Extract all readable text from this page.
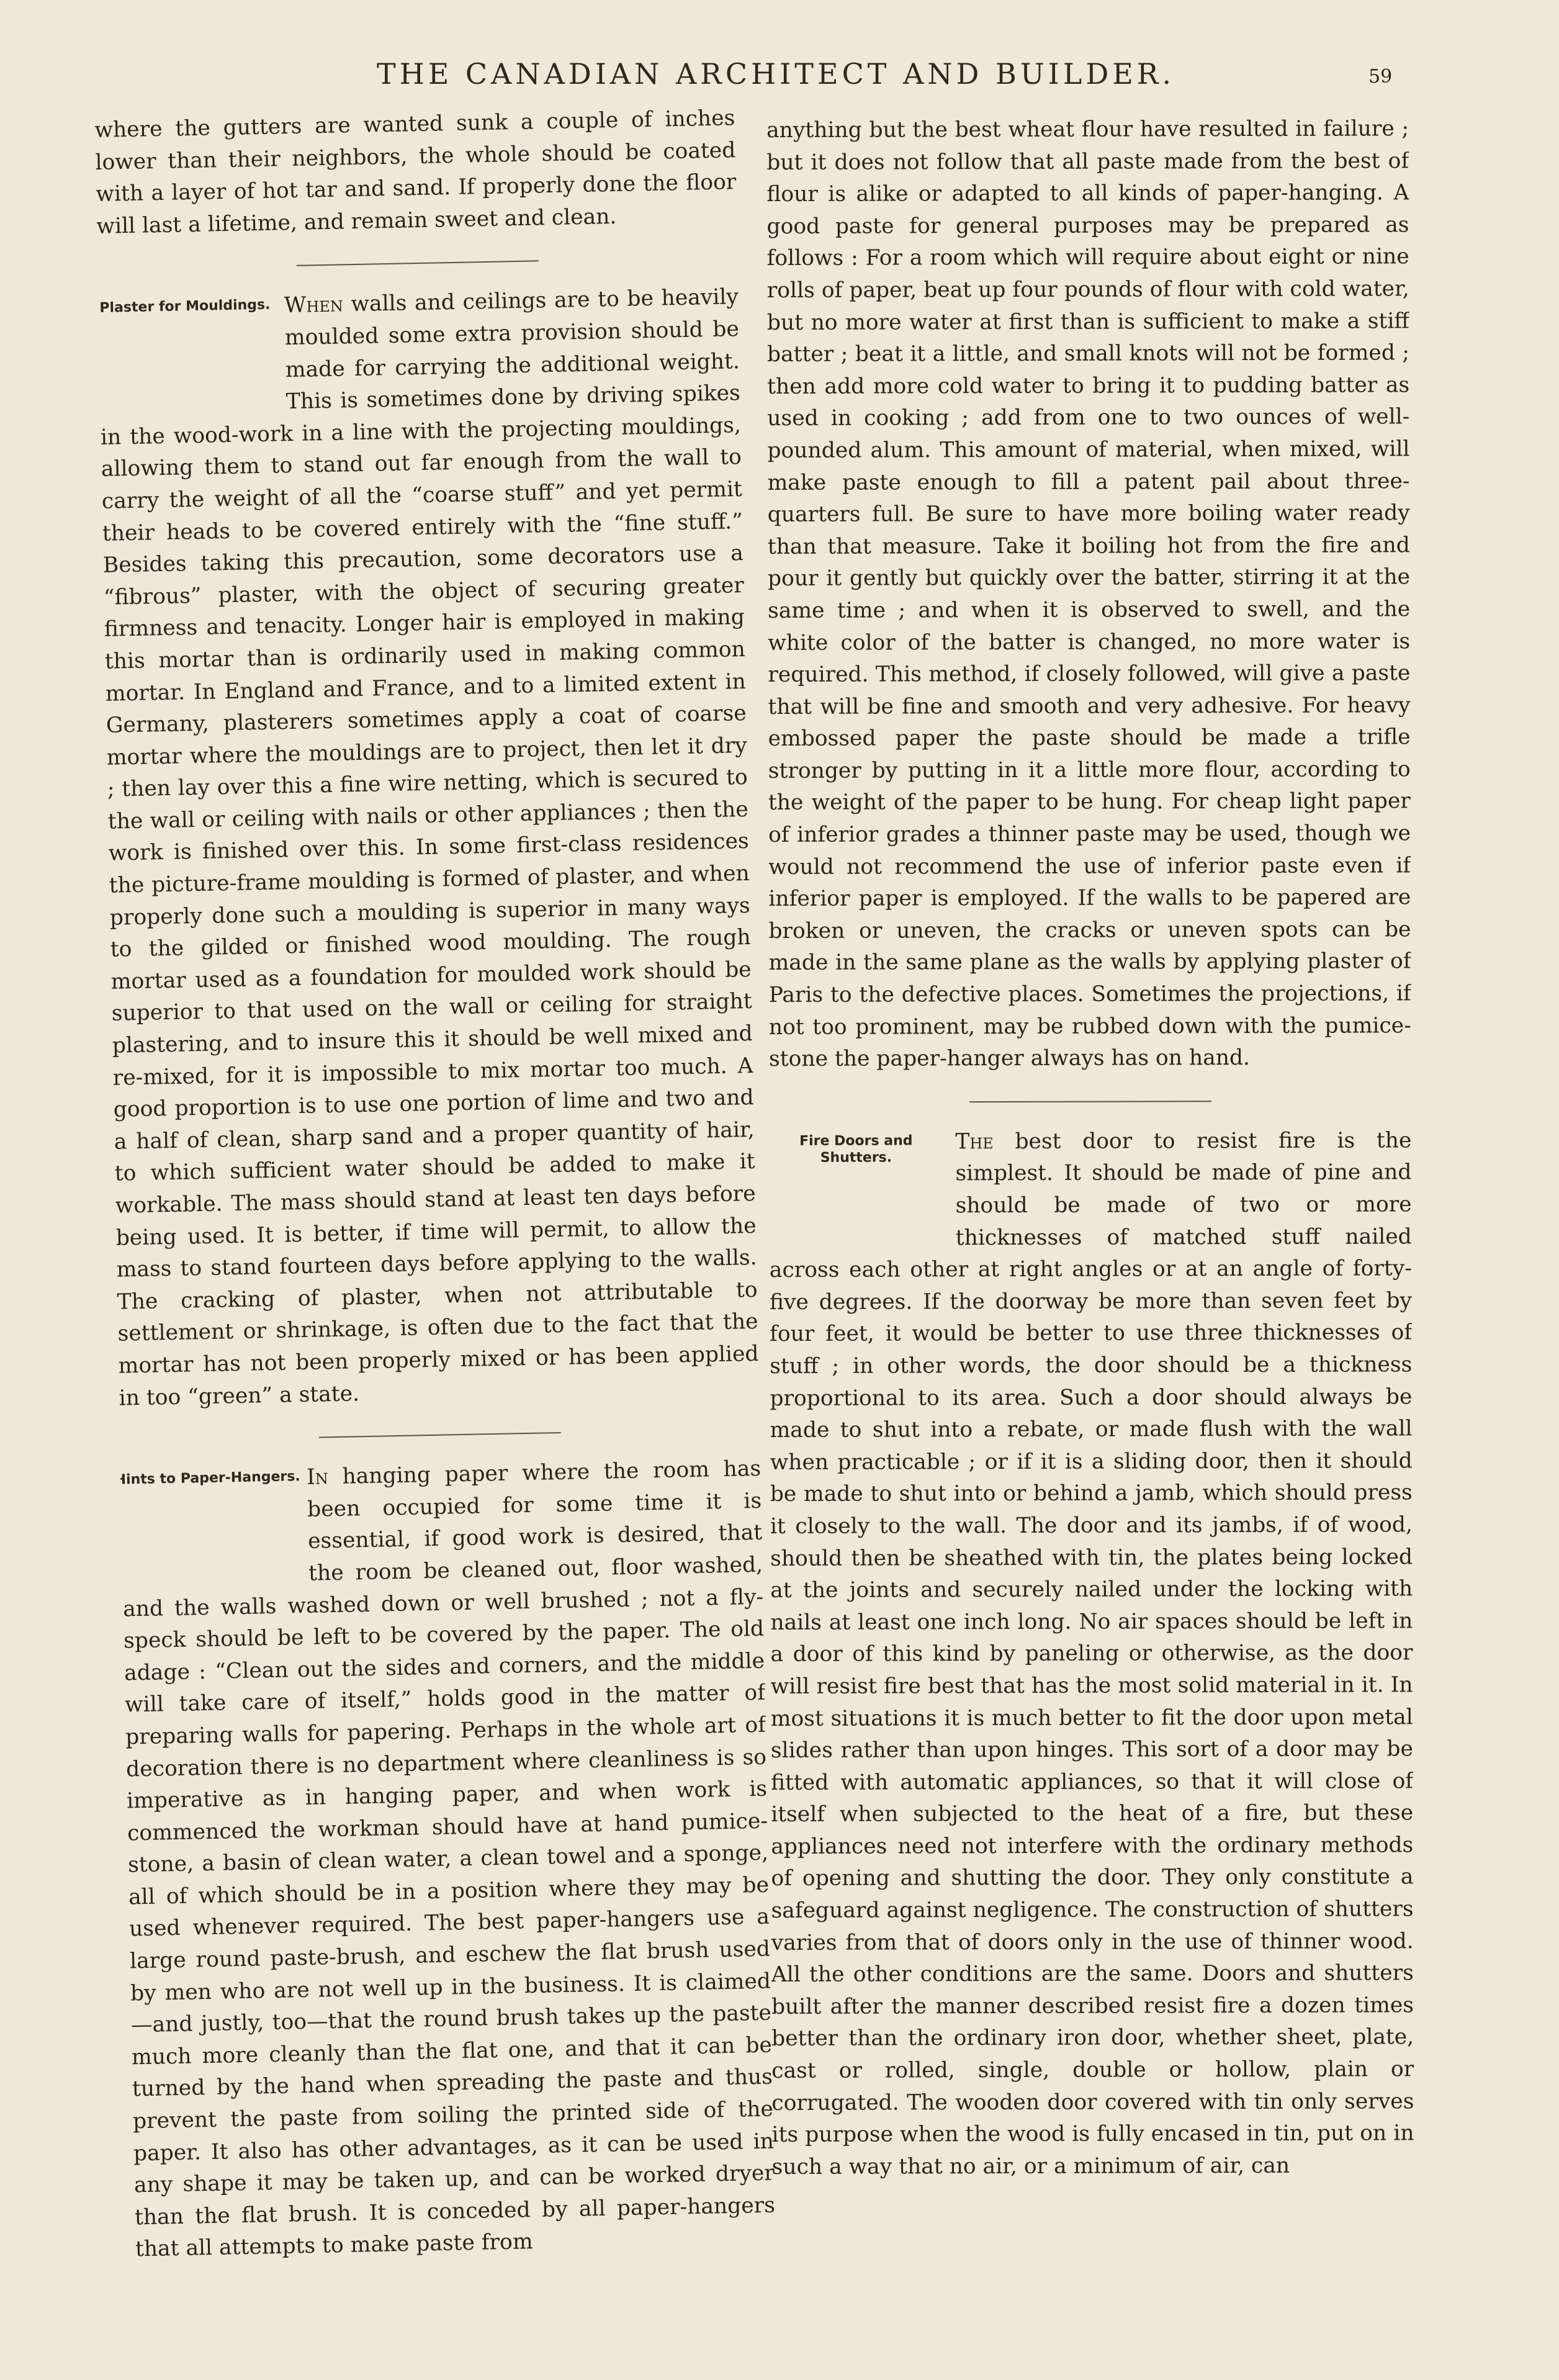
THE CANADIAN ARCHITECT AND BUILDER.	59

where the gutters are wanted sunk a couple of inches lower than their neighbors, the whole should be coated with a layer of hot tar and sand. If properly done the floor will last a lifetime, and remain sweet and clean.

Plaster for Mouldings. When walls and ceilings are to be heavily moulded some extra provision should be made for carrying the additional weight. This is sometimes done by driving spikes in the wood-work in a line with the projecting mouldings, allowing them to stand out far enough from the wall to carry the weight of all the “coarse stuff” and yet permit their heads to be covered entirely with the “fine stuff.” Besides taking this precaution, some decorators use a “fibrous” plaster, with the object of securing greater firmness and tenacity. Longer hair is employed in making this mortar than is ordinarily used in making common mortar. In England and France, and to a limited extent in Germany, plasterers sometimes apply a coat of coarse mortar where the mouldings are to project, then let it dry ; then lay over this a fine wire netting, which is secured to the wall or ceiling with nails or other appliances ; then the work is finished over this. In some first-class residences the picture-frame moulding is formed of plaster, and when properly done such a moulding is superior in many ways to the gilded or finished wood moulding. The rough mortar used as a foundation for moulded work should be superior to that used on the wall or ceiling for straight plastering, and to insure this it should be well mixed and re-mixed, for it is impossible to mix mortar too much. A good proportion is to use one portion of lime and two and a half of clean, sharp sand and a proper quantity of hair, to which sufficient water should be added to make it workable. The mass should stand at least ten days before being used. It is better, if time will permit, to allow the mass to stand fourteen days before applying to the walls. The cracking of plaster, when not attributable to settlement or shrinkage, is often due to the fact that the mortar has not been properly mixed or has been applied in too “green” a state.

Hints to Paper-Hangers. In hanging paper where the room has been occupied for some time it is essential, if good work is desired, that the room be cleaned out, floor washed, and the walls washed down or well brushed ; not a fly-speck should be left to be covered by the paper. The old adage : “Clean out the sides and corners, and the middle will take care of itself,” holds good in the matter of preparing walls for papering. Perhaps in the whole art of decoration there is no department where cleanliness is so imperative as in hanging paper, and when work is commenced the workman should have at hand pumice-stone, a basin of clean water, a clean towel and a sponge, all of which should be in a position where they may be used whenever required. The best paper-hangers use a large round paste-brush, and eschew the flat brush used by men who are not well up in the business. It is claimed —and justly, too—that the round brush takes up the paste much more cleanly than the flat one, and that it can be turned by the hand when spreading the paste and thus prevent the paste from soiling the printed side of the paper. It also has other advantages, as it can be used in any shape it may be taken up, and can be worked dryer than the flat brush. It is conceded by all paper-hangers that all attempts to make paste from

anything but the best wheat flour have resulted in failure ; but it does not follow that all paste made from the best of flour is alike or adapted to all kinds of paper-hanging. A good paste for general purposes may be prepared as follows : For a room which will require about eight or nine rolls of paper, beat up four pounds of flour with cold water, but no more water at first than is sufficient to make a stiff batter ; beat it a little, and small knots will not be formed ; then add more cold water to bring it to pudding batter as used in cooking ; add from one to two ounces of well-pounded alum. This amount of material, when mixed, will make paste enough to fill a patent pail about three-quarters full. Be sure to have more boiling water ready than that measure. Take it boiling hot from the fire and pour it gently but quickly over the batter, stirring it at the same time ; and when it is observed to swell, and the white color of the batter is changed, no more water is required. This method, if closely followed, will give a paste that will be fine and smooth and very adhesive. For heavy embossed paper the paste should be made a trifle stronger by putting in it a little more flour, according to the weight of the paper to be hung. For cheap light paper of inferior grades a thinner paste may be used, though we would not recommend the use of inferior paste even if inferior paper is employed. If the walls to be papered are broken or uneven, the cracks or uneven spots can be made in the same plane as the walls by applying plaster of Paris to the defective places. Sometimes the projections, if not too prominent, may be rubbed down with the pumice-stone the paper-hanger always has on hand.

Fire Doors and Shutters.

The best door to resist fire is the simplest. It should be made of pine and should be made of two or more thicknesses of matched stuff nailed across each other at right angles or at an angle of forty-five degrees. If the doorway be more than seven feet by four feet, it would be better to use three thicknesses of stuff ; in other words, the door should be a thickness proportional to its area. Such a door should always be made to shut into a rebate, or made flush with the wall when practicable ; or if it is a sliding door, then it should be made to shut into or behind a jamb, which should press it closely to the wall. The door and its jambs, if of wood, should then be sheathed with tin, the plates being locked at the joints and securely nailed under the locking with nails at least one inch long. No air spaces should be left in a door of this kind by paneling or otherwise, as the door will resist fire best that has the most solid material in it. In most situations it is much better to fit the door upon metal slides rather than upon hinges. This sort of a door may be fitted with automatic appliances, so that it will close of itself when subjected to the heat of a fire, but these appliances need not interfere with the ordinary methods of opening and shutting the door. They only constitute a safeguard against negligence. The construction of shutters varies from that of doors only in the use of thinner wood. All the other conditions are the same. Doors and shutters built after the manner described resist fire a dozen times better than the ordinary iron door, whether sheet, plate, cast or rolled, single, double or hollow, plain or corrugated. The wooden door covered with tin only serves its purpose when the wood is fully encased in tin, put on in such a way that no air, or a minimum of air, can
